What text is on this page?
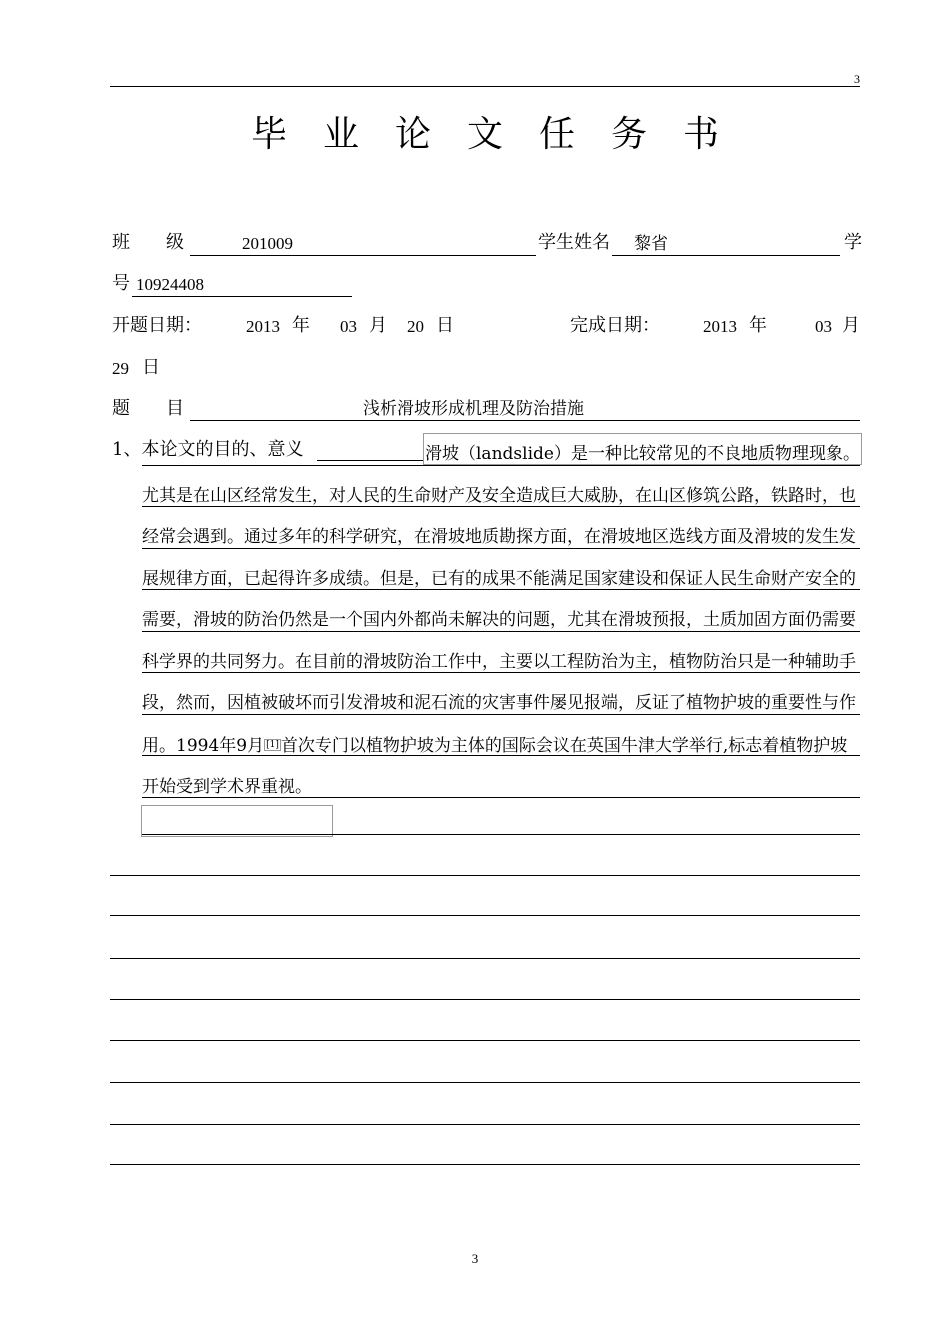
3
毕业论文任务书
班　　级	201009	学生姓名	黎省	学
号 10924408
开题日期：	2013 年 03 月 20 日	完成日期：	2013 年	03 月
29 日
题　　目	浅析滑坡形成机理及防治措施
1、本论文的目的、意义	滑坡（landslide）是一种比较常见的不良地质物理现象。尤其是在山区经常发生，对人民的生命财产及安全造成巨大威胁，在山区修筑公路，铁路时，也经常会遇到。通过多年的科学研究，在滑坡地质勘探方面，在滑坡地区选线方面及滑坡的发生发展规律方面，已起得许多成绩。但是，已有的成果不能满足国家建设和保证人民生命财产安全的需要，滑坡的防治仍然是一个国内外都尚未解决的问题，尤其在滑坡预报，土质加固方面仍需要科学界的共同努力。在目前的滑坡防治工作中，主要以工程防治为主，植物防治只是一种辅助手段，然而，因植被破坏而引发滑坡和泥石流的灾害事件屡见报端，反证了植物护坡的重要性与作用。1994年9月 [1] 首次专门以植物护坡为主体的国际会议在英国牛津大学举行,标志着植物护坡开始受到学术界重视。
3
